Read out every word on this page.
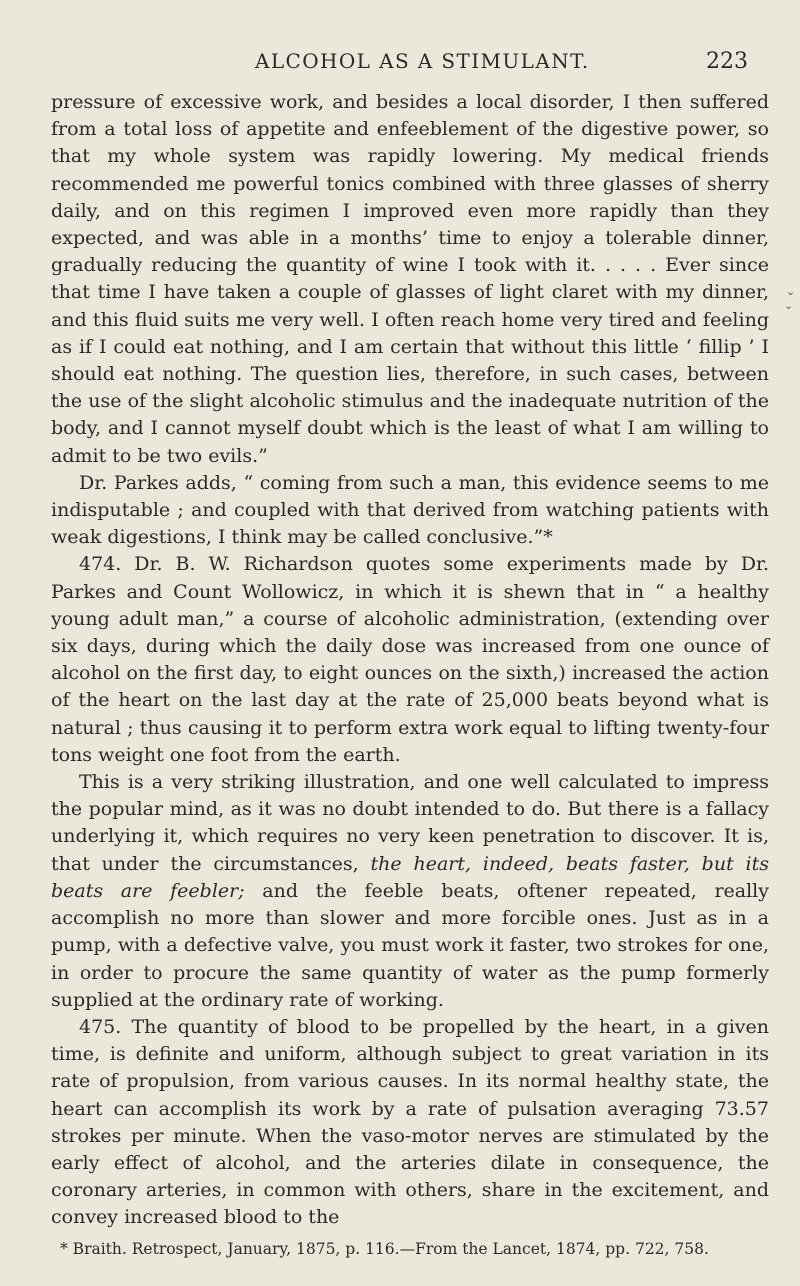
ALCOHOL AS A STIMULANT.	223

pressure of excessive work, and besides a local disorder, I then suffered from a total loss of appetite and enfeeblement of the digestive power, so that my whole system was rapidly lowering. My medical friends recommended me powerful tonics combined with three glasses of sherry daily, and on this regimen I improved even more rapidly than they expected, and was able in a months’ time to enjoy a tolerable dinner, gradually reducing the quantity of wine I took with it. . . . . Ever since that time I have taken a couple of glasses of light claret with my dinner, and this fluid suits me very well. I often reach home very tired and feeling as if I could eat nothing, and I am certain that without this little ‘ fillip ’ I should eat nothing. The question lies, therefore, in such cases, between the use of the slight alcoholic stimulus and the inadequate nutrition of the body, and I cannot myself doubt which is the least of what I am willing to admit to be two evils.”

Dr. Parkes adds, “ coming from such a man, this evidence seems to me indisputable ; and coupled with that derived from watching patients with weak digestions, I think may be called conclusive.”*

474. Dr. B. W. Richardson quotes some experiments made by Dr. Parkes and Count Wollowicz, in which it is shewn that in “ a healthy young adult man,” a course of alcoholic administration, (extending over six days, during which the daily dose was increased from one ounce of alcohol on the first day, to eight ounces on the sixth,) increased the action of the heart on the last day at the rate of 25,000 beats beyond what is natural ; thus causing it to perform extra work equal to lifting twenty-four tons weight one foot from the earth.

This is a very striking illustration, and one well calculated to impress the popular mind, as it was no doubt intended to do. But there is a fallacy underlying it, which requires no very keen penetration to discover. It is, that under the circumstances, the heart, indeed, beats faster, but its beats are feebler; and the feeble beats, oftener repeated, really accomplish no more than slower and more forcible ones. Just as in a pump, with a defective valve, you must work it faster, two strokes for one, in order to procure the same quantity of water as the pump formerly supplied at the ordinary rate of working.

475. The quantity of blood to be propelled by the heart, in a given time, is definite and uniform, although subject to great variation in its rate of propulsion, from various causes. In its normal healthy state, the heart can accomplish its work by a rate of pulsation averaging 73.57 strokes per minute. When the vaso-motor nerves are stimulated by the early effect of alcohol, and the arteries dilate in consequence, the coronary arteries, in common with others, share in the excitement, and convey increased blood to the

* Braith. Retrospect, January, 1875, p. 116.—From the Lancet, 1874, pp. 722, 758.
⌄
⌄
